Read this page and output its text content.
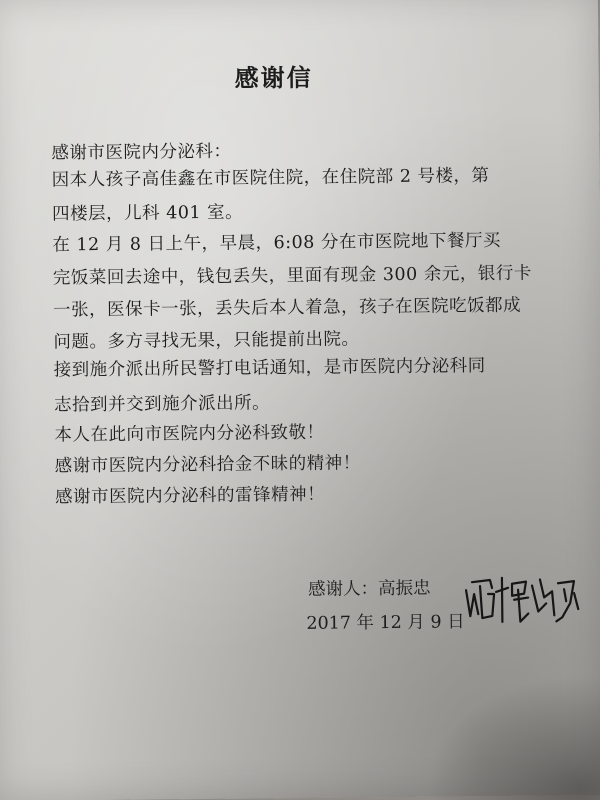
感谢信
感谢市医院内分泌科：
因本人孩子高佳鑫在市医院住院，在住院部 2 号楼，第
四楼层，儿科 401 室。
在 12 月 8 日上午，早晨，6:08 分在市医院地下餐厅买
完饭菜回去途中，钱包丢失，里面有现金 300 余元，银行卡
一张，医保卡一张，丢失后本人着急，孩子在医院吃饭都成
问题。多方寻找无果，只能提前出院。
接到施介派出所民警打电话通知，是市医院内分泌科同
志拾到并交到施介派出所。
本人在此向市医院内分泌科致敬！
感谢市医院内分泌科拾金不昧的精神！
感谢市医院内分泌科的雷锋精神！
感谢人：高振忠
2017 年 12 月 9 日
